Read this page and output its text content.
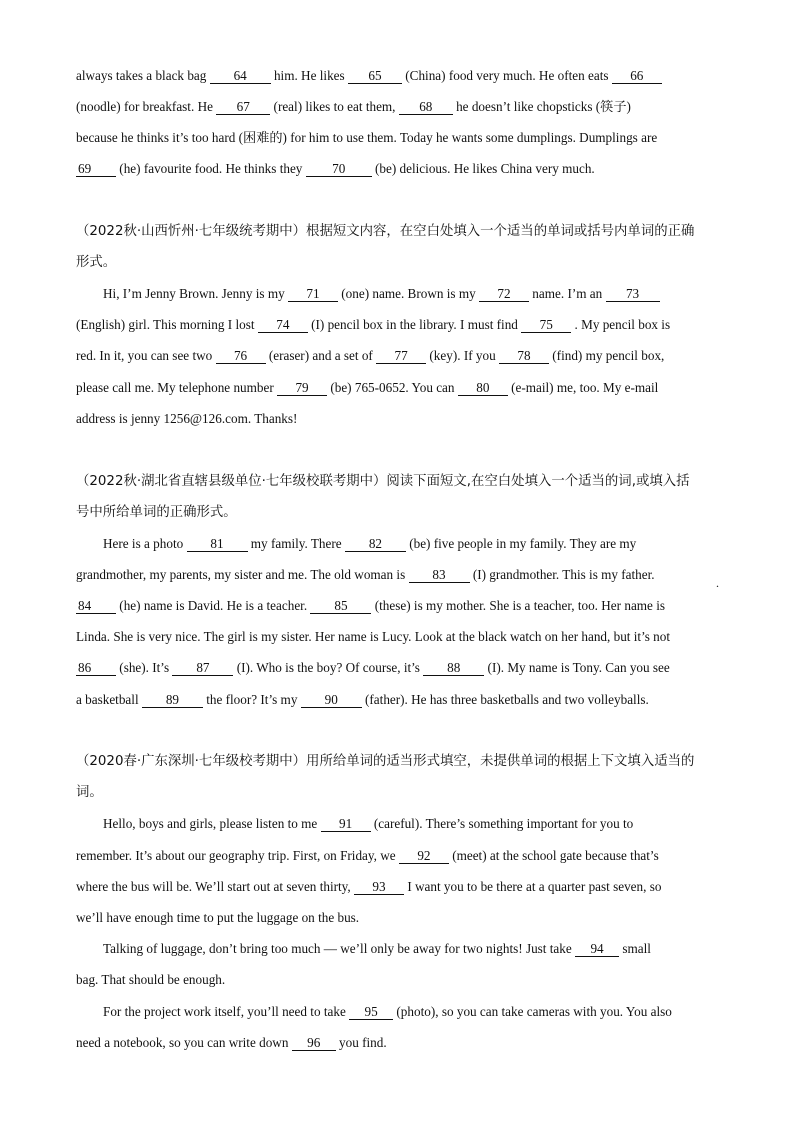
always takes a black bag 64 him. He likes 65 (China) food very much. He often eats 66
(noodle) for breakfast. He 67 (real) likes to eat them, 68 he doesn’t like chopsticks (筷子)
because he thinks it’s too hard (困难的) for him to use them. Today he wants some dumplings. Dumplings are
69 (he) favourite food. He thinks they 70 (be) delicious. He likes China very much.
（2022秋·山西忻州·七年级统考期中）根据短文内容，在空白处填入一个适当的单词或括号内单词的正确
形式。
Hi, I’m Jenny Brown. Jenny is my 71 (one) name. Brown is my 72 name. I’m an 73
(English) girl. This morning I lost 74 (I) pencil box in the library. I must find 75 . My pencil box is
red. In it, you can see two 76 (eraser) and a set of 77 (key). If you 78 (find) my pencil box,
please call me. My telephone number 79 (be) 765-0652. You can 80 (e-mail) me, too. My e-mail
address is jenny 1256@126.com. Thanks!
（2022秋·湖北省直辖县级单位·七年级校联考期中）阅读下面短文,在空白处填入一个适当的词,或填入括
号中所给单词的正确形式。
Here is a photo 81 my family. There 82 (be) five people in my family. They are my
grandmother, my parents, my sister and me. The old woman is 83 (I) grandmother. This is my father.
.
84 (he) name is David. He is a teacher. 85 (these) is my mother. She is a teacher, too. Her name is
Linda. She is very nice. The girl is my sister. Her name is Lucy. Look at the black watch on her hand, but it’s not
86 (she). It’s 87 (I). Who is the boy? Of course, it’s 88 (I). My name is Tony. Can you see
a basketball 89 the floor? It’s my 90 (father). He has three basketballs and two volleyballs.
（2020春·广东深圳·七年级校考期中）用所给单词的适当形式填空，未提供单词的根据上下文填入适当的
词。
Hello, boys and girls, please listen to me 91 (careful). There’s something important for you to
remember. It’s about our geography trip. First, on Friday, we 92 (meet) at the school gate because that’s
where the bus will be. We’ll start out at seven thirty, 93 I want you to be there at a quarter past seven, so
we’ll have enough time to put the luggage on the bus.
Talking of luggage, don’t bring too much — we’ll only be away for two nights! Just take 94 small
bag. That should be enough.
For the project work itself, you’ll need to take 95 (photo), so you can take cameras with you. You also
need a notebook, so you can write down 96 you find.
